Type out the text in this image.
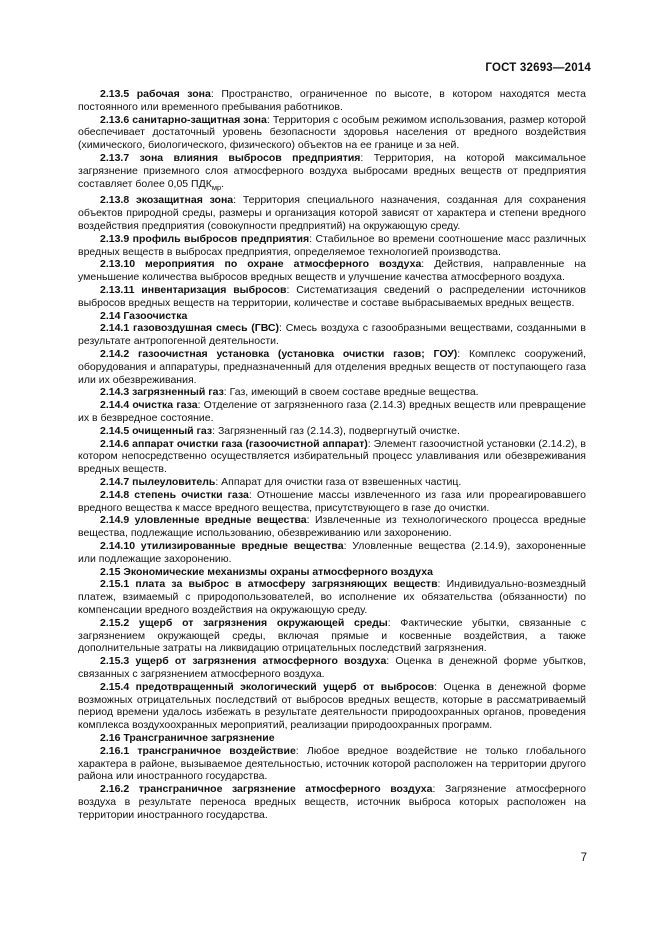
ГОСТ 32693—2014

2.13.5 рабочая зона: Пространство, ограниченное по высоте, в котором находятся места постоянного или временного пребывания работников.

2.13.6 санитарно-защитная зона: Территория с особым режимом использования, размер которой обеспечивает достаточный уровень безопасности здоровья населения от вредного воздействия (химического, биологического, физического) объектов на ее границе и за ней.

2.13.7 зона влияния выбросов предприятия: Территория, на которой максимальное загрязнение приземного слоя атмосферного воздуха выбросами вредных веществ от предприятия составляет более 0,05 $ПДК_{мр}$.

2.13.8 экозащитная зона: Территория специального назначения, созданная для сохранения объектов природной среды, размеры и организация которой зависят от характера и степени вредного воздействия предприятия (совокупности предприятий) на окружающую среду.

2.13.9 профиль выбросов предприятия: Стабильное во времени соотношение масс различных вредных веществ в выбросах предприятия, определяемое технологией производства.

2.13.10 мероприятия по охране атмосферного воздуха: Действия, направленные на уменьшение количества выбросов вредных веществ и улучшение качества атмосферного воздуха.

2.13.11 инвентаризация выбросов: Систематизация сведений о распределении источников выбросов вредных веществ на территории, количестве и составе выбрасываемых вредных веществ.

2.14 Газоочистка

2.14.1 газовоздушная смесь (ГВС): Смесь воздуха с газообразными веществами, созданными в результате антропогенной деятельности.

2.14.2 газоочистная установка (установка очистки газов; ГОУ): Комплекс сооружений, оборудования и аппаратуры, предназначенный для отделения вредных веществ от поступающего газа или их обезвреживания.

2.14.3 загрязненный газ: Газ, имеющий в своем составе вредные вещества.

2.14.4 очистка газа: Отделение от загрязненного газа (2.14.3) вредных веществ или превращение их в безвредное состояние.

2.14.5 очищенный газ: Загрязненный газ (2.14.3), подвергнутый очистке.

2.14.6 аппарат очистки газа (газоочистной аппарат): Элемент газоочистной установки (2.14.2), в котором непосредственно осуществляется избирательный процесс улавливания или обезвреживания вредных веществ.

2.14.7 пылеуловитель: Аппарат для очистки газа от взвешенных частиц.

2.14.8 степень очистки газа: Отношение массы извлеченного из газа или прореагировавшего вредного вещества к массе вредного вещества, присутствующего в газе до очистки.

2.14.9 уловленные вредные вещества: Извлеченные из технологического процесса вредные вещества, подлежащие использованию, обезвреживанию или захоронению.

2.14.10 утилизированные вредные вещества: Уловленные вещества (2.14.9), захороненные или подлежащие захоронению.

2.15 Экономические механизмы охраны атмосферного воздуха

2.15.1 плата за выброс в атмосферу загрязняющих веществ: Индивидуально-возмездный платеж, взимаемый с природопользователей, во исполнение их обязательства (обязанности) по компенсации вредного воздействия на окружающую среду.

2.15.2 ущерб от загрязнения окружающей среды: Фактические убытки, связанные с загрязнением окружающей среды, включая прямые и косвенные воздействия, а также дополнительные затраты на ликвидацию отрицательных последствий загрязнения.

2.15.3 ущерб от загрязнения атмосферного воздуха: Оценка в денежной форме убытков, связанных с загрязнением атмосферного воздуха.

2.15.4 предотвращенный экологический ущерб от выбросов: Оценка в денежной форме возможных отрицательных последствий от выбросов вредных веществ, которые в рассматриваемый период времени удалось избежать в результате деятельности природоохранных органов, проведения комплекса воздухоохранных мероприятий, реализации природоохранных программ.

2.16 Трансграничное загрязнение

2.16.1 трансграничное воздействие: Любое вредное воздействие не только глобального характера в районе, вызываемое деятельностью, источник которой расположен на территории другого района или иностранного государства.

2.16.2 трансграничное загрязнение атмосферного воздуха: Загрязнение атмосферного воздуха в результате переноса вредных веществ, источник выброса которых расположен на территории иностранного государства.

7
